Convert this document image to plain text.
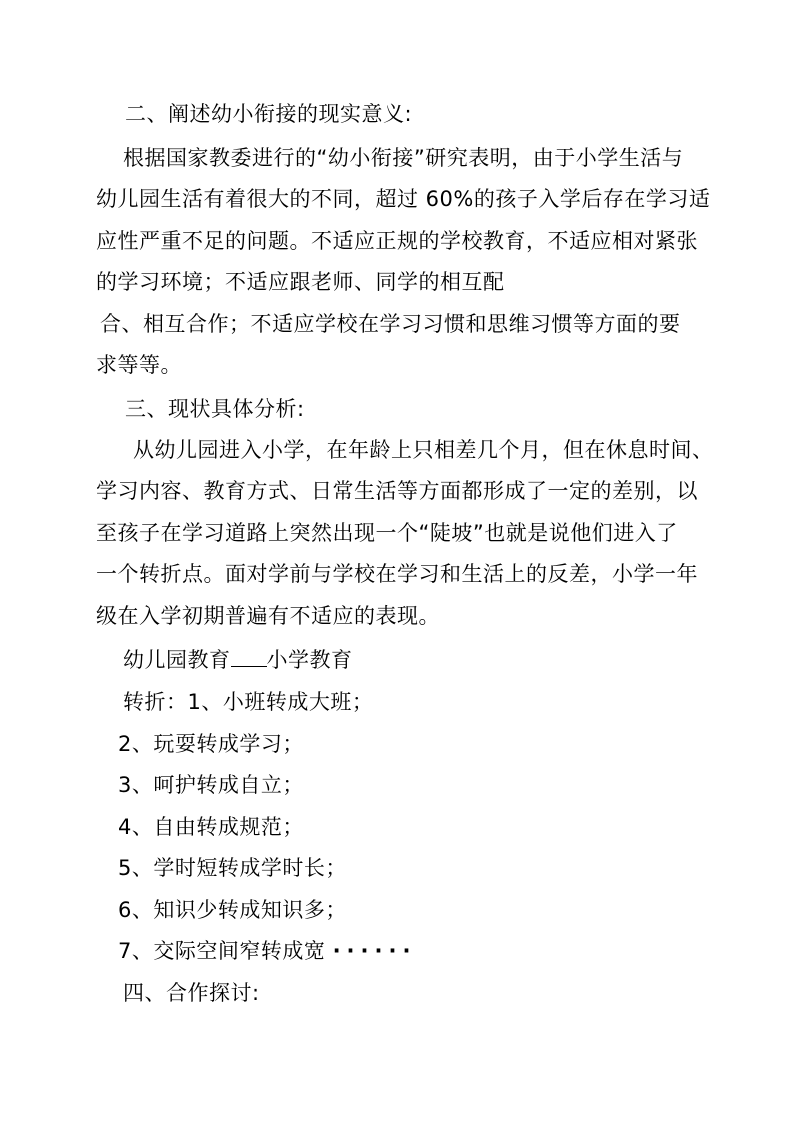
二、阐述幼小衔接的现实意义:
根据国家教委进行的“幼小衔接”研究表明，由于小学生活与
幼儿园生活有着很大的不同，超过 60%的孩子入学后存在学习适
应性严重不足的问题。不适应正规的学校教育，不适应相对紧张
的学习环境；不适应跟老师、同学的相互配
合、相互合作；不适应学校在学习习惯和思维习惯等方面的要
求等等。
三、现状具体分析:
从幼儿园进入小学，在年龄上只相差几个月，但在休息时间、
学习内容、教育方式、日常生活等方面都形成了一定的差别，以
至孩子在学习道路上突然出现一个“陡坡”也就是说他们进入了
一个转折点。面对学前与学校在学习和生活上的反差，小学一年
级在入学初期普遍有不适应的表现。
幼儿园教育 小学教育
转折：1、小班转成大班；
2、玩耍转成学习；
3、呵护转成自立；
4、自由转成规范；
5、学时短转成学时长；
6、知识少转成知识多；
7、交际空间窄转成宽 ······
四、合作探讨:
